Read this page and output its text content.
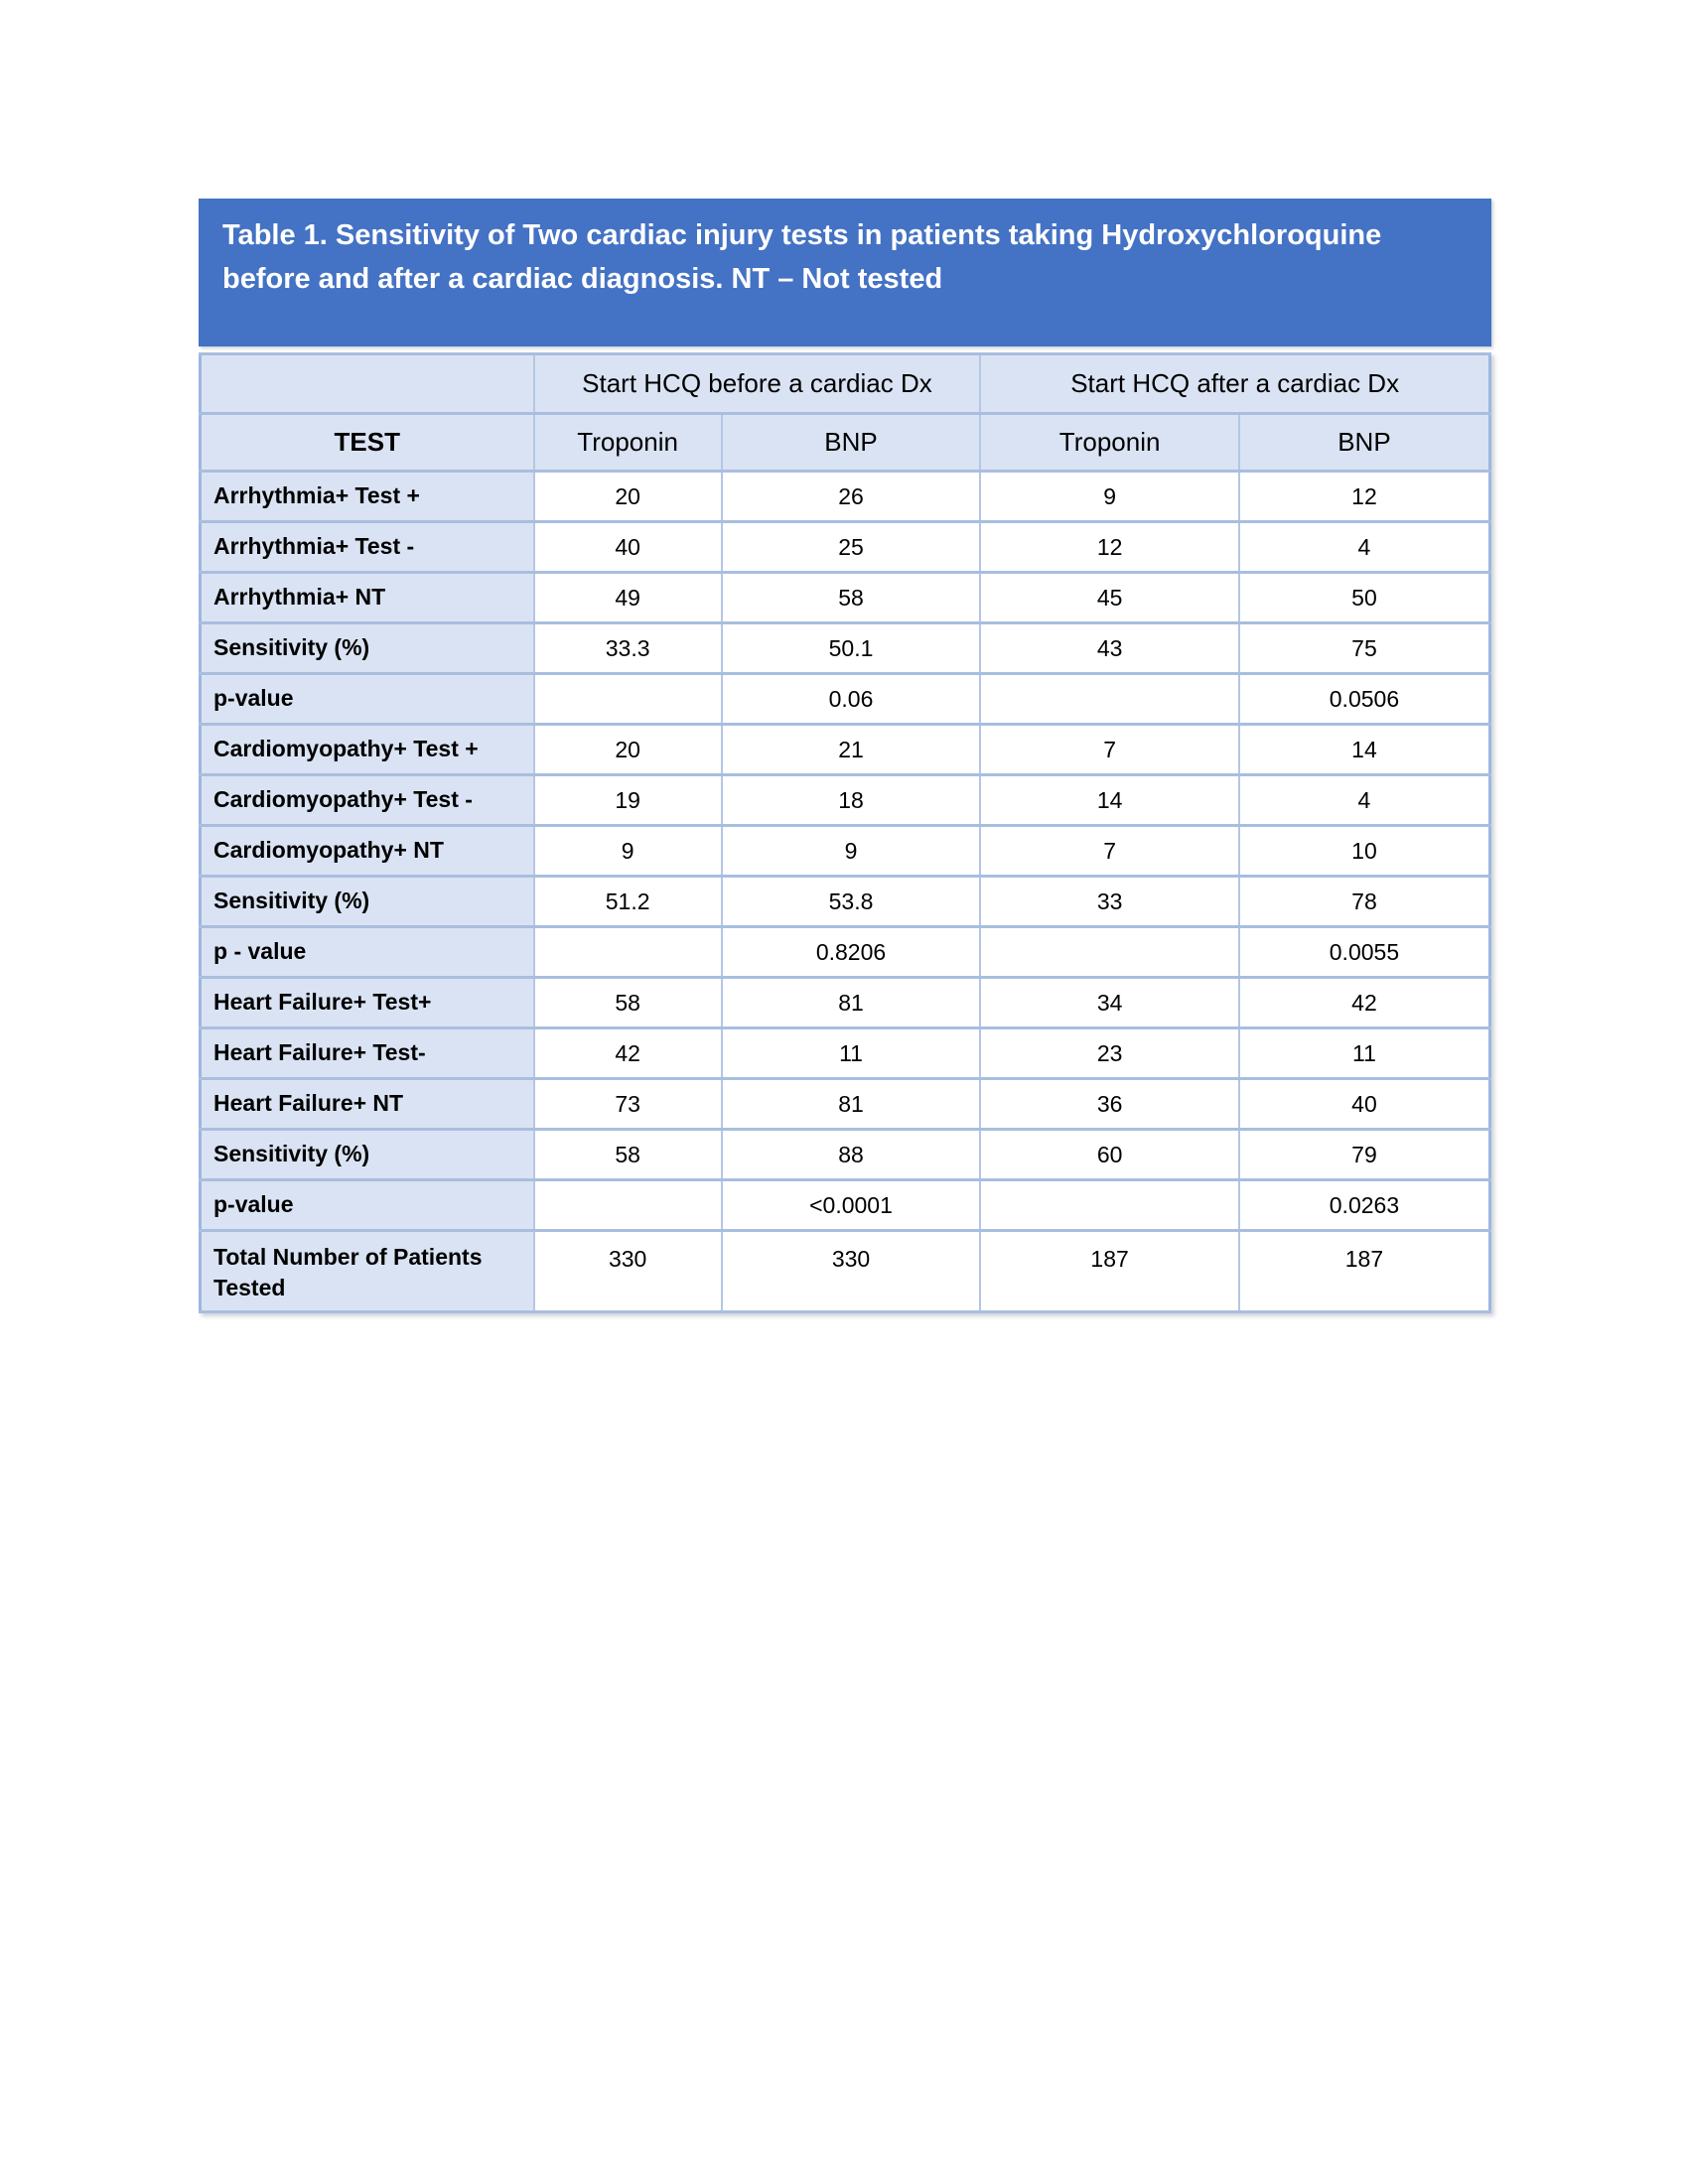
Table 1. Sensitivity of Two cardiac injury tests in patients taking Hydroxychloroquine before and after a cardiac diagnosis. NT – Not tested
	Start HCQ before a cardiac Dx		Start HCQ after a cardiac Dx	
TEST	Troponin	BNP	Troponin	BNP
Arrhythmia+ Test +	20	26	9	12
Arrhythmia+ Test -	40	25	12	4
Arrhythmia+ NT	49	58	45	50
Sensitivity (%)	33.3	50.1	43	75
p-value		0.06		0.0506
Cardiomyopathy+ Test +	20	21	7	14
Cardiomyopathy+ Test -	19	18	14	4
Cardiomyopathy+ NT	9	9	7	10
Sensitivity (%)	51.2	53.8	33	78
p - value		0.8206		0.0055
Heart Failure+ Test+	58	81	34	42
Heart Failure+ Test-	42	11	23	11
Heart Failure+ NT	73	81	36	40
Sensitivity (%)	58	88	60	79
p-value		<0.0001		0.0263
Total Number of Patients Tested	330	330	187	187
